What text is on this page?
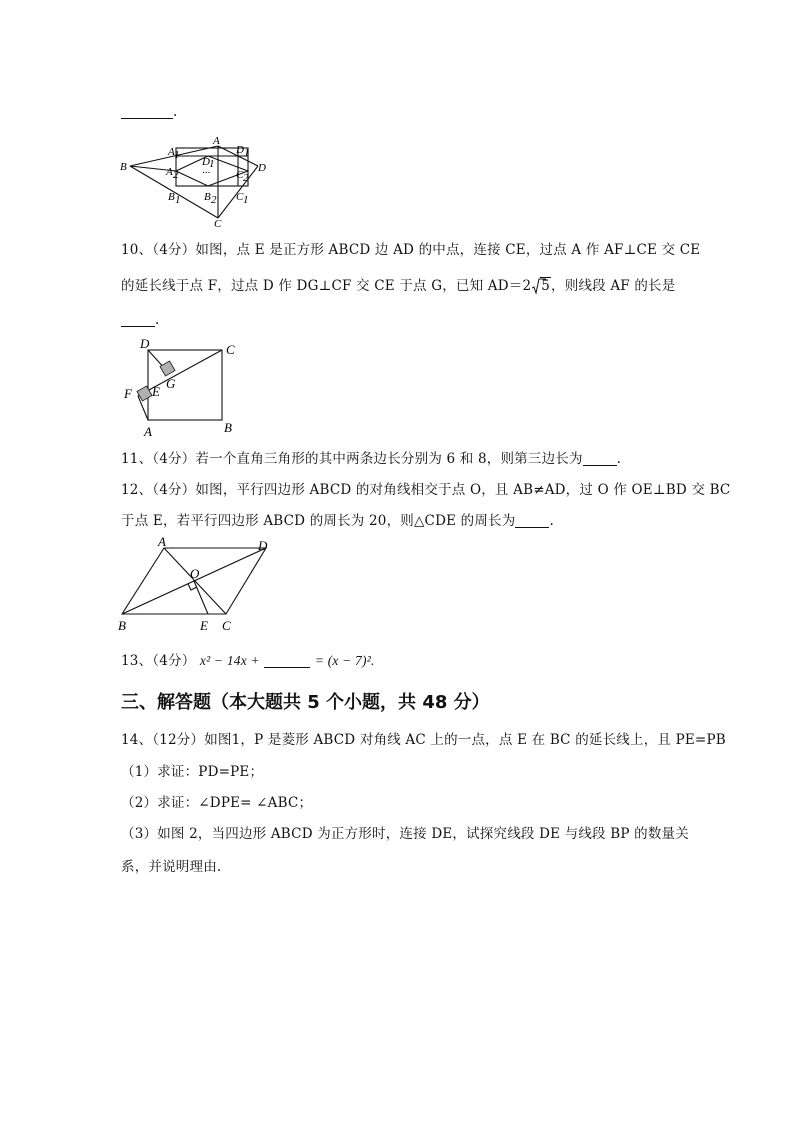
.
B
A 1
A
D 1
D
D 1
···
A 2	C 2
B 1 B 2 C 1
C
10、（4分）如图，点 E 是正方形 ABCD 边 AD 的中点，连接 CE，过点 A 作 AF⊥CE 交 CE
的延长线于点 F，过点 D 作 DG⊥CF 交 CE 于点 G，已知 AD＝2 5，则线段 AF 的长是
.
D	C
G
F E
A	B
11、（4分）若一个直角三角形的其中两条边长分别为 6 和 8，则第三边长为	.
12、（4分）如图，平行四边形 ABCD 的对角线相交于点 O，且 AB≠AD，过 O 作 OE⊥BD 交 BC
于点 E，若平行四边形 ABCD 的周长为 20，则△CDE 的周长为	.
A	D
O
B	E C
13、（4分） x² − 14x +	= (x − 7)².
三、解答题（本大题共 5 个小题，共 48 分）
14、（12分）如图1，P 是菱形 ABCD 对角线 AC 上的一点，点 E 在 BC 的延长线上，且 PE=PB
（1）求证：PD=PE；
（2）求证：∠DPE= ∠ABC；
（3）如图 2，当四边形 ABCD 为正方形时，连接 DE，试探究线段 DE 与线段 BP 的数量关
系，并说明理由.
